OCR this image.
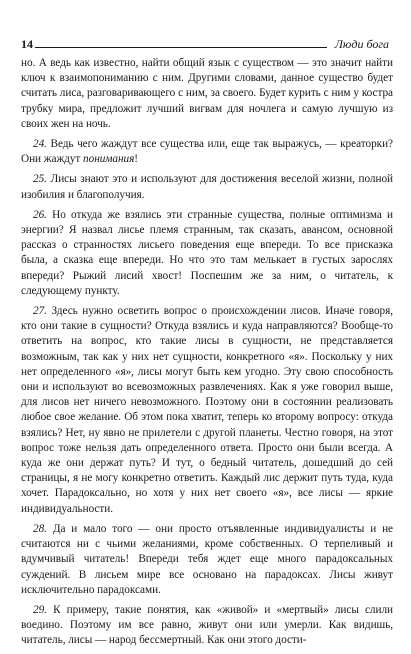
14	Люди бога

но. А ведь как известно, найти общий язык с существом — это значит найти ключ к взаимопониманию с ним. Другими словами, данное существо будет считать лиса, разговаривающего с ним, за своего. Будет курить с ним у костра трубку мира, предложит лучший вигвам для ночлега и самую лучшую из своих жен на ночь.

24. Ведь чего жаждут все существа или, еще так выражусь, — креаторки? Они жаждут понимания!

25. Лисы знают это и используют для достижения веселой жизни, полной изобилия и благополучия.

26. Но откуда же взялись эти странные существа, полные оптимизма и энергии? Я назвал лисье племя странным, так сказать, авансом, основной рассказ о странностях лисьего поведения еще впереди. То все присказка была, а сказка еще впереди. Но что это там мелькает в густых зарослях впереди? Рыжий лисий хвост! Поспешим же за ним, о читатель, к следующему пункту.

27. Здесь нужно осветить вопрос о происхождении лисов. Иначе говоря, кто они такие в сущности? Откуда взялись и куда направляются? Вообще-то ответить на вопрос, кто такие лисы в сущности, не представляется возможным, так как у них нет сущности, конкретного «я». Поскольку у них нет определенного «я», лисы могут быть кем угодно. Эту свою способность они и используют во всевозможных развлечениях. Как я уже говорил выше, для лисов нет ничего невозможного. Поэтому они в состоянии реализовать любое свое желание. Об этом пока хватит, теперь ко второму вопросу: откуда взялись? Нет, ну явно не прилетели с другой планеты. Честно говоря, на этот вопрос тоже нельзя дать определенного ответа. Просто они были всегда. А куда же они держат путь? И тут, о бедный читатель, дошедший до сей страницы, я не могу конкретно ответить. Каждый лис держит путь туда, куда хочет. Парадоксально, но хотя у них нет своего «я», все лисы — яркие индивидуальности.

28. Да и мало того — они просто отъявленные индивидуалисты и не считаются ни с чьими желаниями, кроме собственных. О терпеливый и вдумчивый читатель! Впереди тебя ждет еще много парадоксальных суждений. В лисьем мире все основано на парадоксах. Лисы живут исключительно парадоксами.

29. К примеру, такие понятия, как «живой» и «мертвый» лисы слили воедино. Поэтому им все равно, живут они или умерли. Как видишь, читатель, лисы — народ бессмертный. Как они этого дости-
